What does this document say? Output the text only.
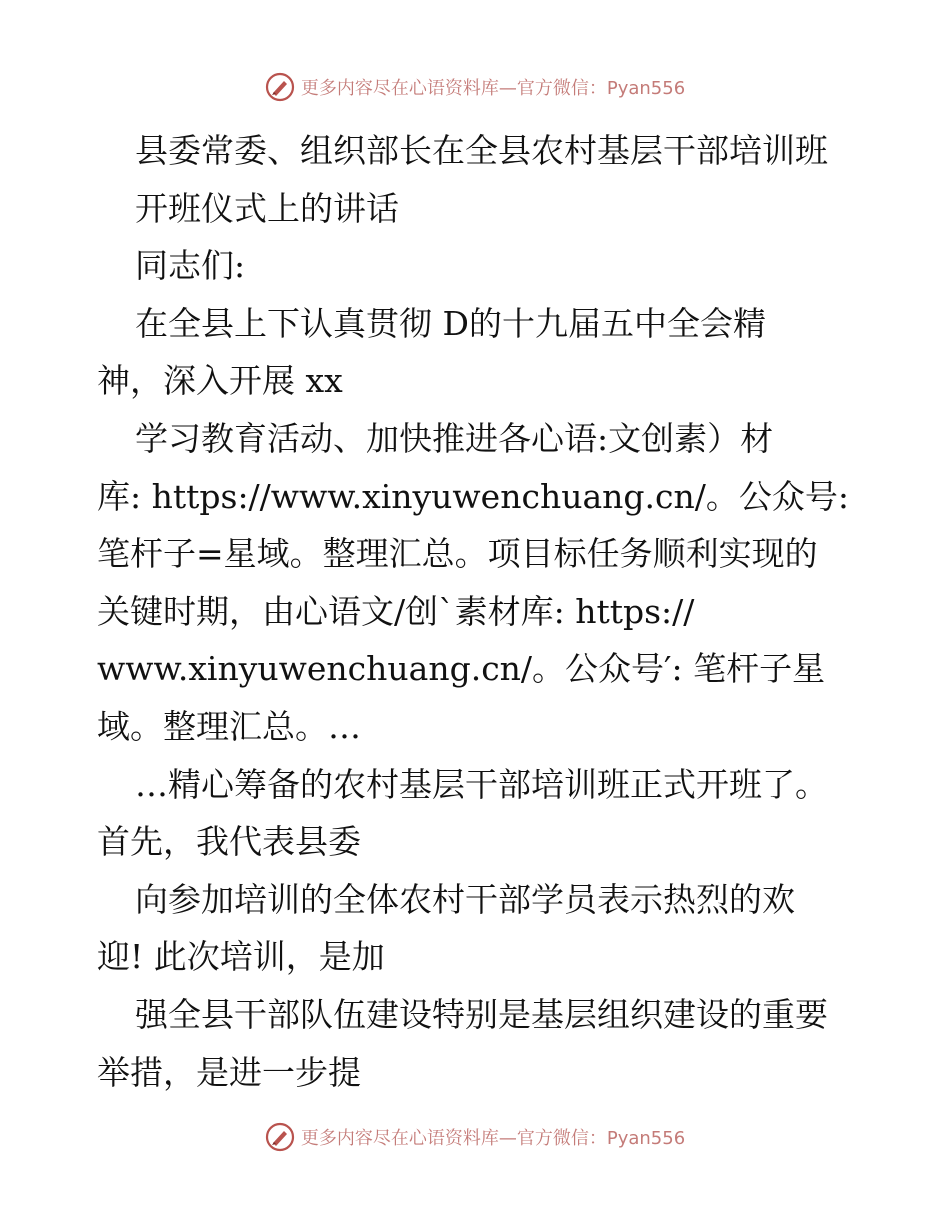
更多内容尽在心语资料库—官方微信：Pyan556

县委常委、组织部长在全县农村基层干部培训班

开班仪式上的讲话

同志们:

在全县上下认真贯彻 D的十九届五中全会精

神，深入开展 xx

学习教育活动、加快推进各心语:文创素）材

库: https://www.xinyuwenchuang.cn/。公众号:

笔杆子=星域。整理汇总。项目标任务顺利实现的

关键时期，由心语文/创`素材库: https://

www.xinyuwenchuang.cn/。公众号′: 笔杆子星

域。整理汇总。…

…精心筹备的农村基层干部培训班正式开班了。

首先，我代表县委

向参加培训的全体农村干部学员表示热烈的欢

迎! 此次培训，是加

强全县干部队伍建设特别是基层组织建设的重要

举措，是进一步提

更多内容尽在心语资料库—官方微信：Pyan556
